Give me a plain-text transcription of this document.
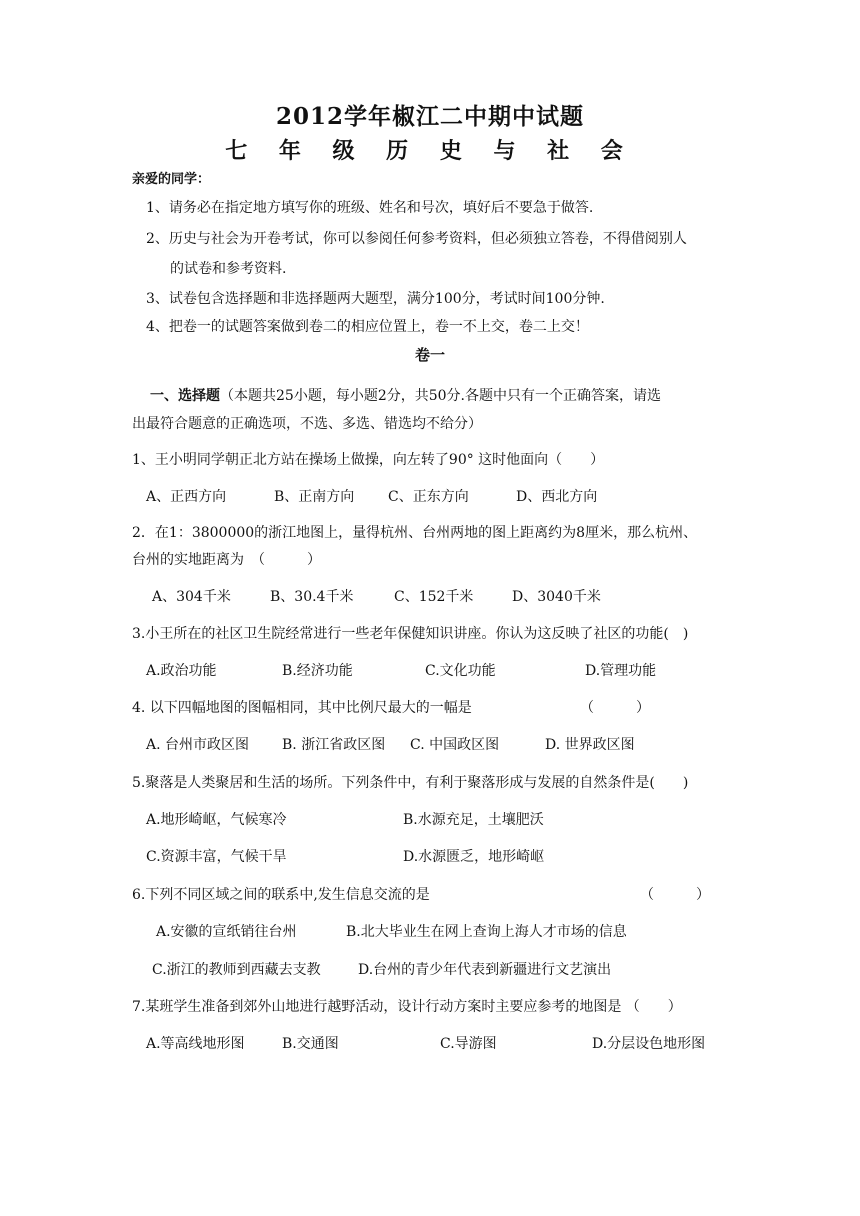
2012学年椒江二中期中试题
七 年 级 历 史 与 社 会
亲爱的同学：
1、请务必在指定地方填写你的班级、姓名和号次，填好后不要急于做答.
2、历史与社会为开卷考试，你可以参阅任何参考资料，但必须独立答卷，不得借阅别人
的试卷和参考资料.
3、试卷包含选择题和非选择题两大题型，满分100分，考试时间100分钟.
4、把卷一的试题答案做到卷二的相应位置上，卷一不上交，卷二上交！
卷一
一、选择题（本题共25小题，每小题2分，共50分.各题中只有一个正确答案，请选
出最符合题意的正确选项，不选、多选、错选均不给分）
1、王小明同学朝正北方站在操场上做操，向左转了90° 这时他面向（　　）
A、正西方向	B、正南方向 C、正东方向	D、西北方向
2．在1：3800000的浙江地图上，量得杭州、台州两地的图上距离约为8厘米，那么杭州、
台州的实地距离为　（　　　）
A、304千米	B、30.4千米	C、152千米	D、3040千米
3.小王所在的社区卫生院经常进行一些老年保健知识讲座。你认为这反映了社区的功能(　)
A.政治功能	B.经济功能	C.文化功能	D.管理功能
4. 以下四幅地图的图幅相同，其中比例尺最大的一幅是	（　　　）
A. 台州市政区图 B. 浙江省政区图 C. 中国政区图	D. 世界政区图
5.聚落是人类聚居和生活的场所。下列条件中，有利于聚落形成与发展的自然条件是(　　)
A.地形崎岖，气候寒冷	B.水源充足，土壤肥沃
C.资源丰富，气候干旱	D.水源匮乏，地形崎岖
6.下列不同区域之间的联系中,发生信息交流的是	（　　　）
A.安徽的宣纸销往台州	B.北大毕业生在网上查询上海人才市场的信息
C.浙江的教师到西藏去支教	D.台州的青少年代表到新疆进行文艺演出
7.某班学生准备到郊外山地进行越野活动，设计行动方案时主要应参考的地图是 （　　）
A.等高线地形图	B.交通图	C.导游图	D.分层设色地形图
